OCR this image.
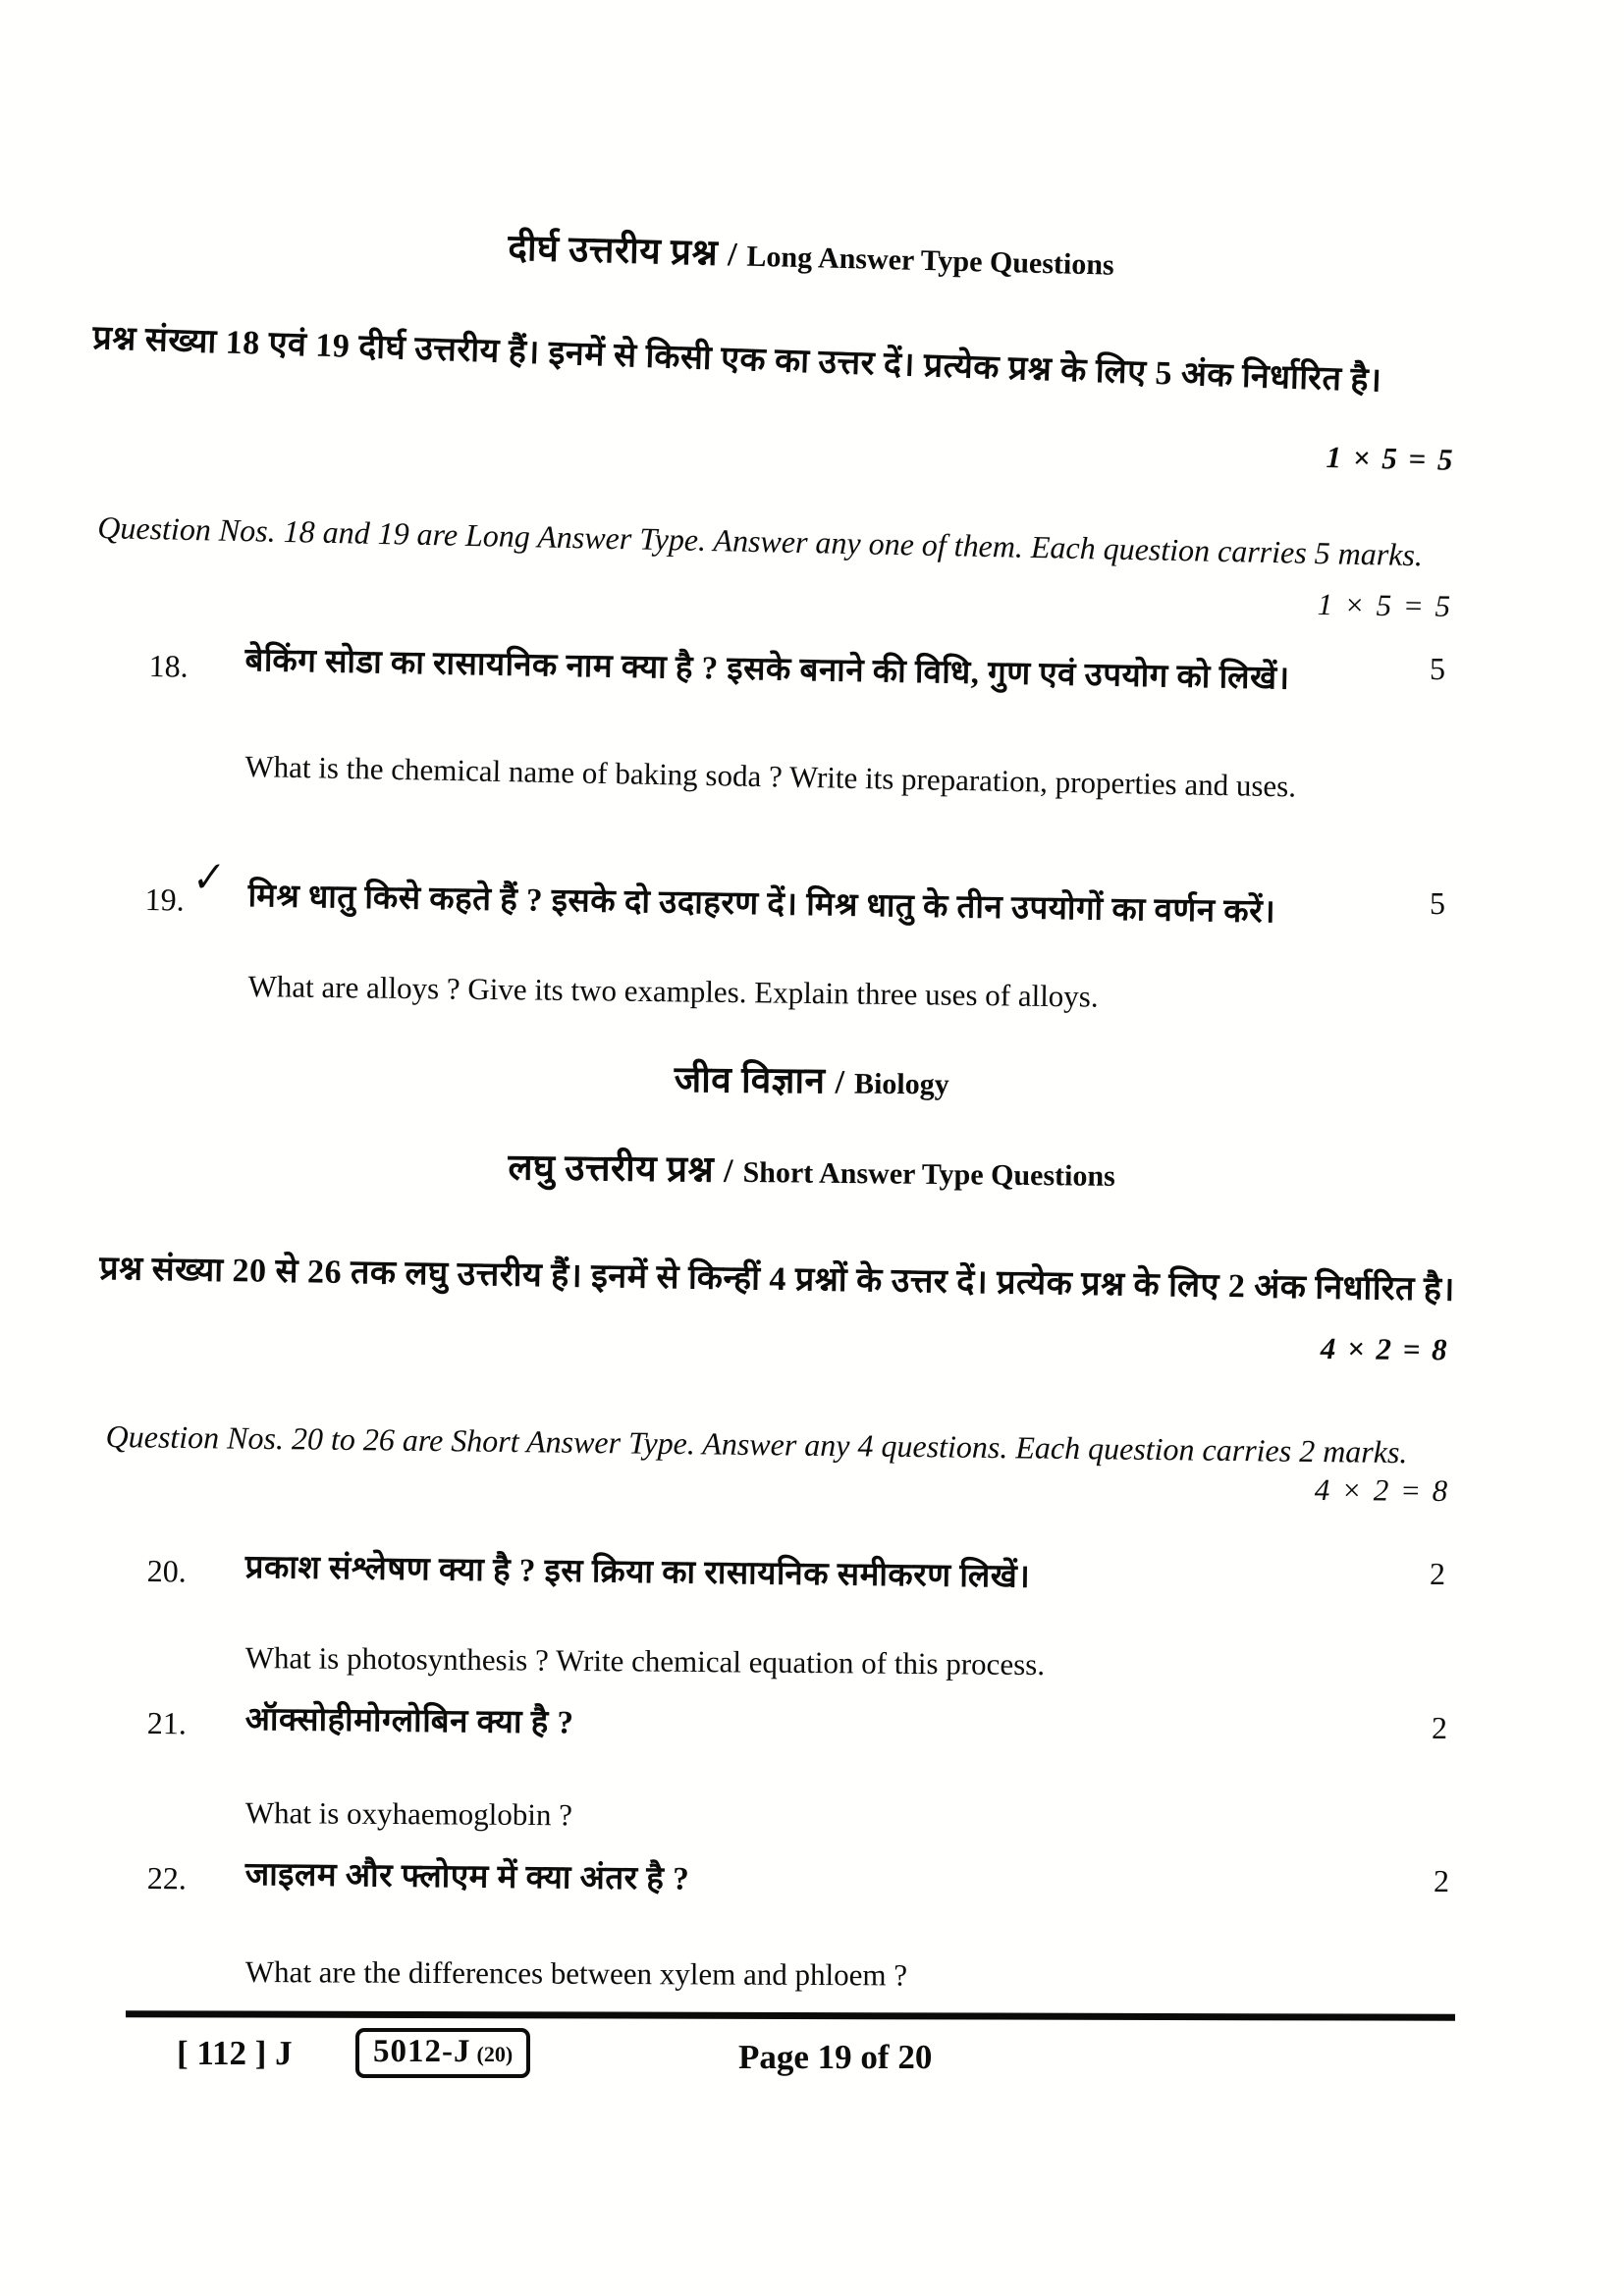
दीर्घ उत्तरीय प्रश्न / Long Answer Type Questions
प्रश्न संख्या 18 एवं 19 दीर्घ उत्तरीय हैं। इनमें से किसी एक का उत्तर दें। प्रत्येक प्रश्न के लिए 5 अंक निर्धारित है।
1 × 5 = 5
Question Nos. 18 and 19 are Long Answer Type. Answer any one of them. Each question carries 5 marks.
1 × 5 = 5
18. बेकिंग सोडा का रासायनिक नाम क्या है ? इसके बनाने की विधि, गुण एवं उपयोग को लिखें।	5
What is the chemical name of baking soda ? Write its preparation, properties and uses.
19. ✓
मिश्र धातु किसे कहते हैं ? इसके दो उदाहरण दें। मिश्र धातु के तीन उपयोगों का वर्णन करें।	5
What are alloys ? Give its two examples. Explain three uses of alloys.
जीव विज्ञान / Biology
लघु उत्तरीय प्रश्न / Short Answer Type Questions
प्रश्न संख्या 20 से 26 तक लघु उत्तरीय हैं। इनमें से किन्हीं 4 प्रश्नों के उत्तर दें। प्रत्येक प्रश्न के लिए 2 अंक निर्धारित है।
4 × 2 = 8
Question Nos. 20 to 26 are Short Answer Type. Answer any 4 questions. Each question carries 2 marks.
4 × 2 = 8
20. प्रकाश संश्लेषण क्या है ? इस क्रिया का रासायनिक समीकरण लिखें।	2
What is photosynthesis ? Write chemical equation of this process.
21. ऑक्सोहीमोग्लोबिन क्या है ?	2
What is oxyhaemoglobin ?
22. जाइलम और फ्लोएम में क्या अंतर है ?	2
What are the differences between xylem and phloem ?
[ 112 ] J	5012-J (20)	Page 19 of 20
